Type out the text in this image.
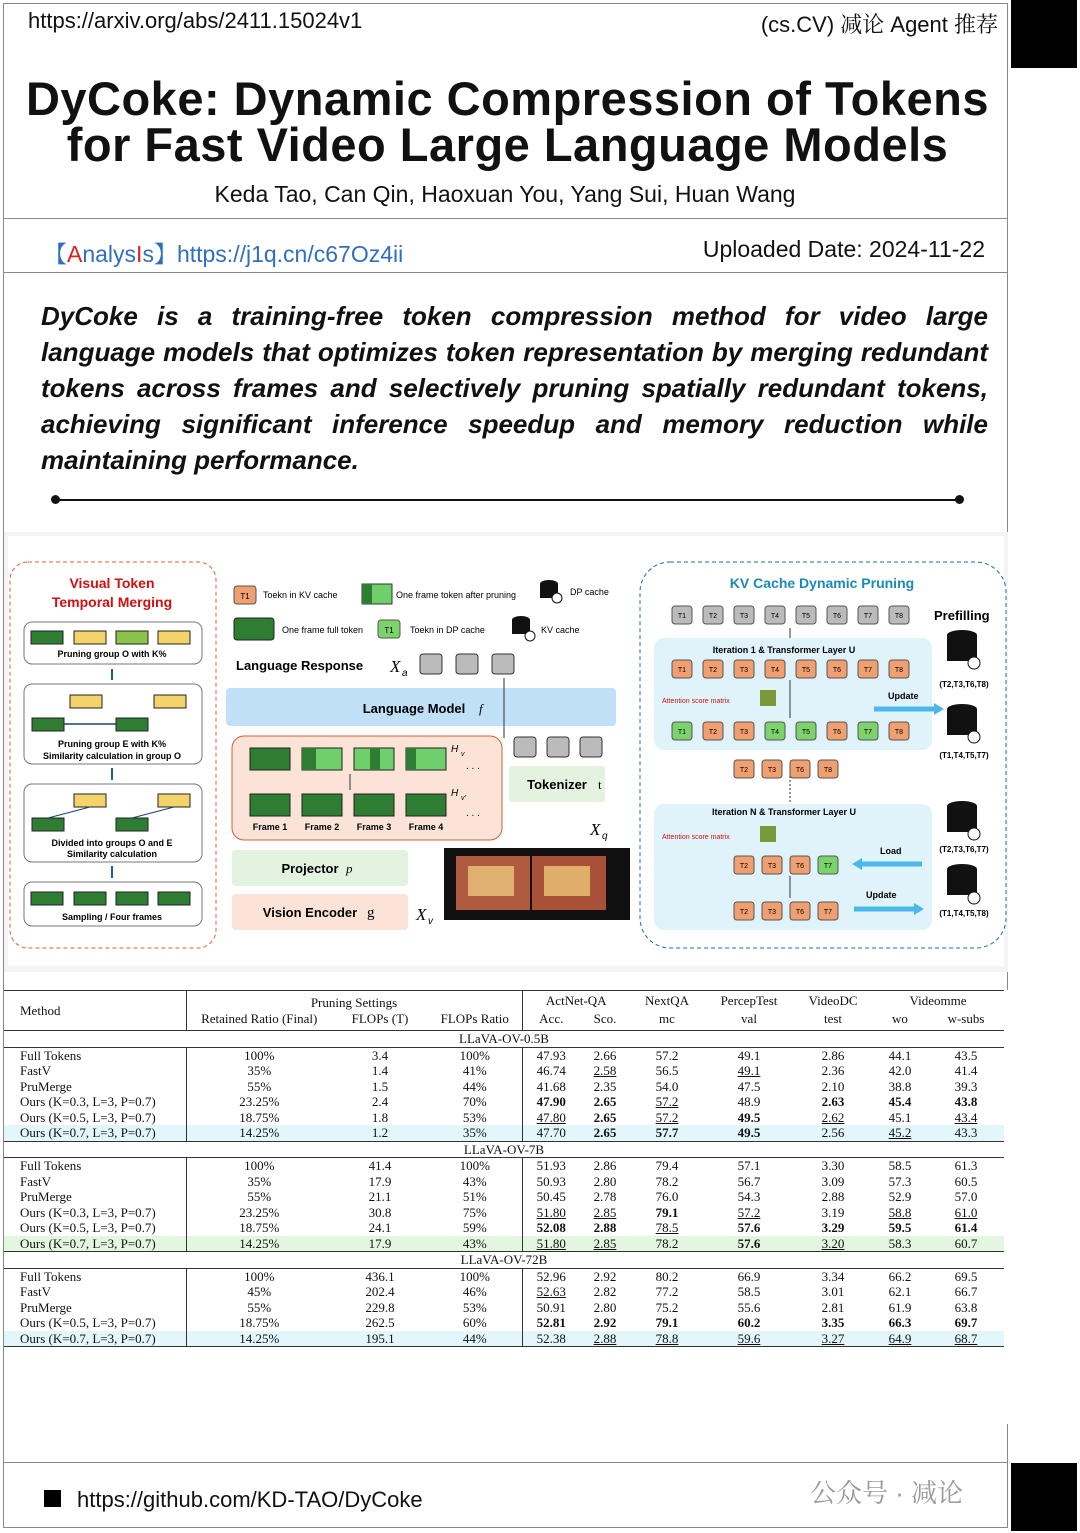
https://arxiv.org/abs/2411.15024v1	(cs.CV) 减论 Agent 推荐
DyCoke: Dynamic Compression of Tokens
for Fast Video Large Language Models
Keda Tao, Can Qin, Haoxuan You, Yang Sui, Huan Wang
【AnalysIs】https://j1q.cn/c67Oz4ii	Uploaded Date: 2024-11-22
DyCoke is a training-free token compression method for video large language models that optimizes token representation by merging redundant tokens across frames and selectively pruning spatially redundant tokens, achieving significant inference speedup and memory reduction while maintaining performance.
Visual Token
Temporal Merging
Pruning group O with K%
Pruning group E with K%
Similarity calculation in group O
Divided into groups O and E
Similarity calculation
Sampling / Four frames
T1 Toekn in KV cache	One frame token after pruning	DP cache
One frame full token	T1 Toekn in DP cache	KV cache
Language Response X a
Language Model f
H v
. . .
H v'
. . .
Frame 1 Frame 2 Frame 3 Frame 4
Tokenizer t
X q
Projector p
Vision Encoder g X v
KV Cache Dynamic Pruning
Prefilling
Iteration 1 & Transformer Layer U
Attention score matrix
Update
(T2,T3,T6,T8)
(T1,T4,T5,T7)
Iteration N & Transformer Layer U
Attention score matrix
Load
Update
(T2,T3,T6,T7)
(T1,T4,T5,T8)
T1	T2	T3	T4	T5	T6	T7	T8
T1	T2	T3	T4	T5	T6	T7	T8
T1	T2	T3	T4	T5	T6	T7	T8
T2	T3	T6	T8
T2	T3	T6	T7
T2	T3	T6	T7
Method	Pruning Settings			ActNet-QA		NextQA	PercepTest	VideoDC	Videomme	
	Retained Ratio (Final)	FLOPs (T)	FLOPs Ratio	Acc.	Sco.	mc	val	test	wo	w-subs
LLaVA-OV-0.5B										
Full Tokens	100%	3.4	100%	47.93	2.66	57.2	49.1	2.86	44.1	43.5
FastV	35%	1.4	41%	46.74	2.58	56.5	49.1	2.36	42.0	41.4
PruMerge	55%	1.5	44%	41.68	2.35	54.0	47.5	2.10	38.8	39.3
Ours (K=0.3, L=3, P=0.7)	23.25%	2.4	70%	47.90	2.65	57.2	48.9	2.63	45.4	43.8
Ours (K=0.5, L=3, P=0.7)	18.75%	1.8	53%	47.80	2.65	57.2	49.5	2.62	45.1	43.4
Ours (K=0.7, L=3, P=0.7)	14.25%	1.2	35%	47.70	2.65	57.7	49.5	2.56	45.2	43.3
LLaVA-OV-7B										
Full Tokens	100%	41.4	100%	51.93	2.86	79.4	57.1	3.30	58.5	61.3
FastV	35%	17.9	43%	50.93	2.80	78.2	56.7	3.09	57.3	60.5
PruMerge	55%	21.1	51%	50.45	2.78	76.0	54.3	2.88	52.9	57.0
Ours (K=0.3, L=3, P=0.7)	23.25%	30.8	75%	51.80	2.85	79.1	57.2	3.19	58.8	61.0
Ours (K=0.5, L=3, P=0.7)	18.75%	24.1	59%	52.08	2.88	78.5	57.6	3.29	59.5	61.4
Ours (K=0.7, L=3, P=0.7)	14.25%	17.9	43%	51.80	2.85	78.2	57.6	3.20	58.3	60.7
LLaVA-OV-72B										
Full Tokens	100%	436.1	100%	52.96	2.92	80.2	66.9	3.34	66.2	69.5
FastV	45%	202.4	46%	52.63	2.82	77.2	58.5	3.01	62.1	66.7
PruMerge	55%	229.8	53%	50.91	2.80	75.2	55.6	2.81	61.9	63.8
Ours (K=0.5, L=3, P=0.7)	18.75%	262.5	60%	52.81	2.92	79.1	60.2	3.35	66.3	69.7
Ours (K=0.7, L=3, P=0.7)	14.25%	195.1	44%	52.38	2.88	78.8	59.6	3.27	64.9	68.7

https://github.com/KD-TAO/DyCoke	公众号 · 减论
